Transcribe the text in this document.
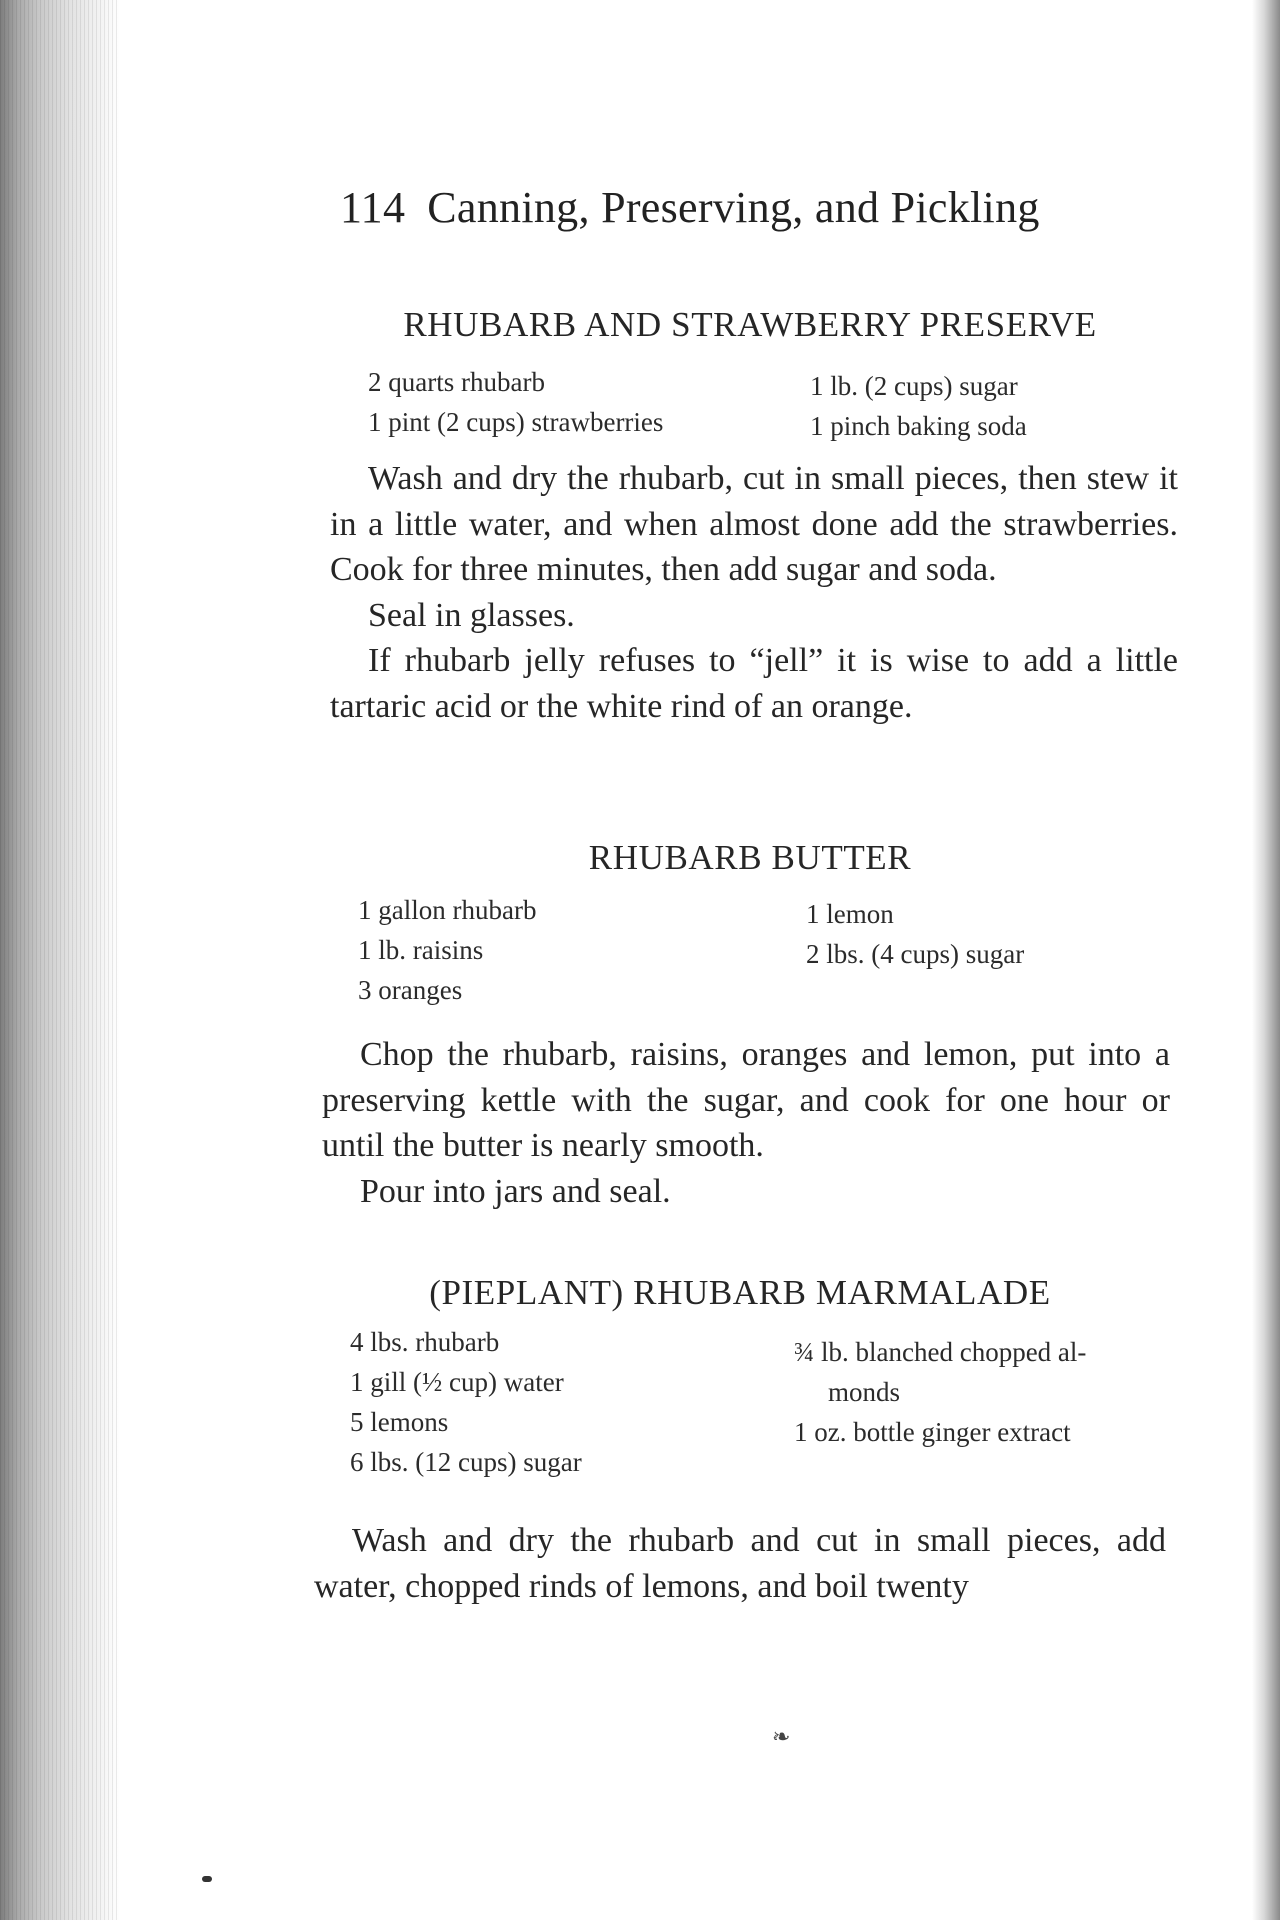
114 Canning, Preserving, and Pickling
RHUBARB AND STRAWBERRY PRESERVE
2 quarts rhubarb
1 pint (2 cups) strawberries
1 lb. (2 cups) sugar
1 pinch baking soda

Wash and dry the rhubarb, cut in small pieces, then stew it in a little water, and when almost done add the strawberries. Cook for three minutes, then add sugar and soda.

Seal in glasses.

If rhubarb jelly refuses to “jell” it is wise to add a little tartaric acid or the white rind of an orange.

RHUBARB BUTTER
1 gallon rhubarb
1 lb. raisins
3 oranges
1 lemon
2 lbs. (4 cups) sugar

Chop the rhubarb, raisins, oranges and lemon, put into a preserving kettle with the sugar, and cook for one hour or until the butter is nearly smooth.

Pour into jars and seal.

(PIEPLANT) RHUBARB MARMALADE
4 lbs. rhubarb
1 gill (½ cup) water
5 lemons
6 lbs. (12 cups) sugar
¾ lb. blanched chopped al-
monds
1 oz. bottle ginger extract

Wash and dry the rhubarb and cut in small pieces, add water, chopped rinds of lemons, and boil twenty

❧
